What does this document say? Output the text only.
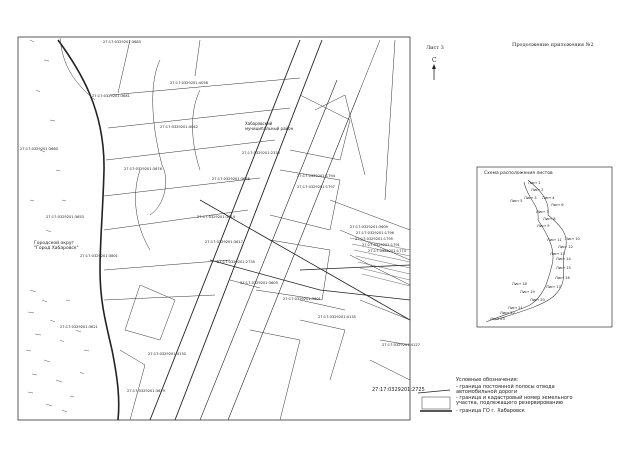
Продолжение приложения №2
Лист 3
С
Хабаровский муниципальный район
Городской округ "Город Хабаровск"
27:17:0329201:3683
27:17:0329201:3681
27:17:0329201:4058
27:17:0329201:3680
27:17:0329201:4042
27:17:0329201:2335
27:17:0329201:3676
27:17:0329201:3638
27:17:0329201:1794
27:17:0329201:1797
27:17:0329201:3653	27:17:0329201:3614
27:17:0329201:3609
27:17:0329201:1796
27:17:0329201:3617
27:17:0329201:3801
27:17:0329201:2735
27:17:0329201:3605
27:17:0329201:3601
27:17:0329201:3621
27:17:0329201:4135
27:17:0329201:4127
27:17:0329201:4130
27:17:0329201:3629
27:17:0329201:1795
27:17:0329201:1791
27:17:0329201:1774
Схема расположения листов
Лист 1
Лист 2
Лист 3 Лист 4
Лист 5
Лист 6
Лист 7
Лист 8
Лист 9
Лист 10
Лист 11
Лист 12
Лист 13
Лист 14
Лист 15
Лист 16
Лист 17
Лист 18
Лист 19
Лист 20
Лист 21
Лист 22
Лист 23
Условные обозначения:
- граница постоянной полосы отвода автомобильной дороги
- граница и кадастровый номер земельного участка, подлежащего резервированию
- граница ГО г. Хабаровск
27:17:0329201:2725
